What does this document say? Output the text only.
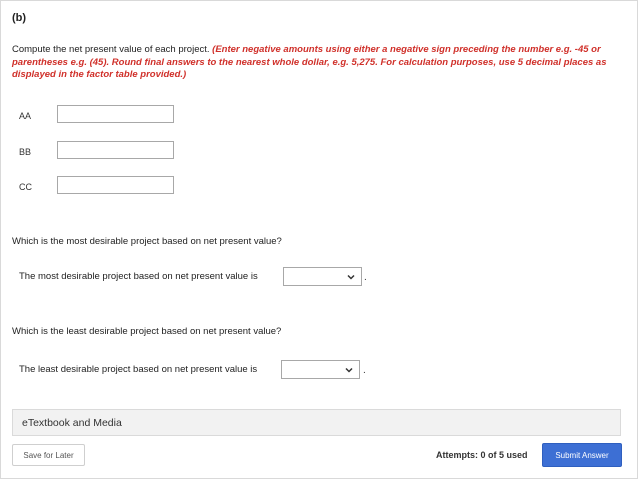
(b)
Compute the net present value of each project. (Enter negative amounts using either a negative sign preceding the number e.g. -45 or parentheses e.g. (45). Round final answers to the nearest whole dollar, e.g. 5,275. For calculation purposes, use 5 decimal places as displayed in the factor table provided.)
AA
BB
CC
Which is the most desirable project based on net present value?
The most desirable project based on net present value is	.
Which is the least desirable project based on net present value?
The least desirable project based on net present value is	.
eTextbook and Media
Save for Later	Attempts: 0 of 5 used	Submit Answer
